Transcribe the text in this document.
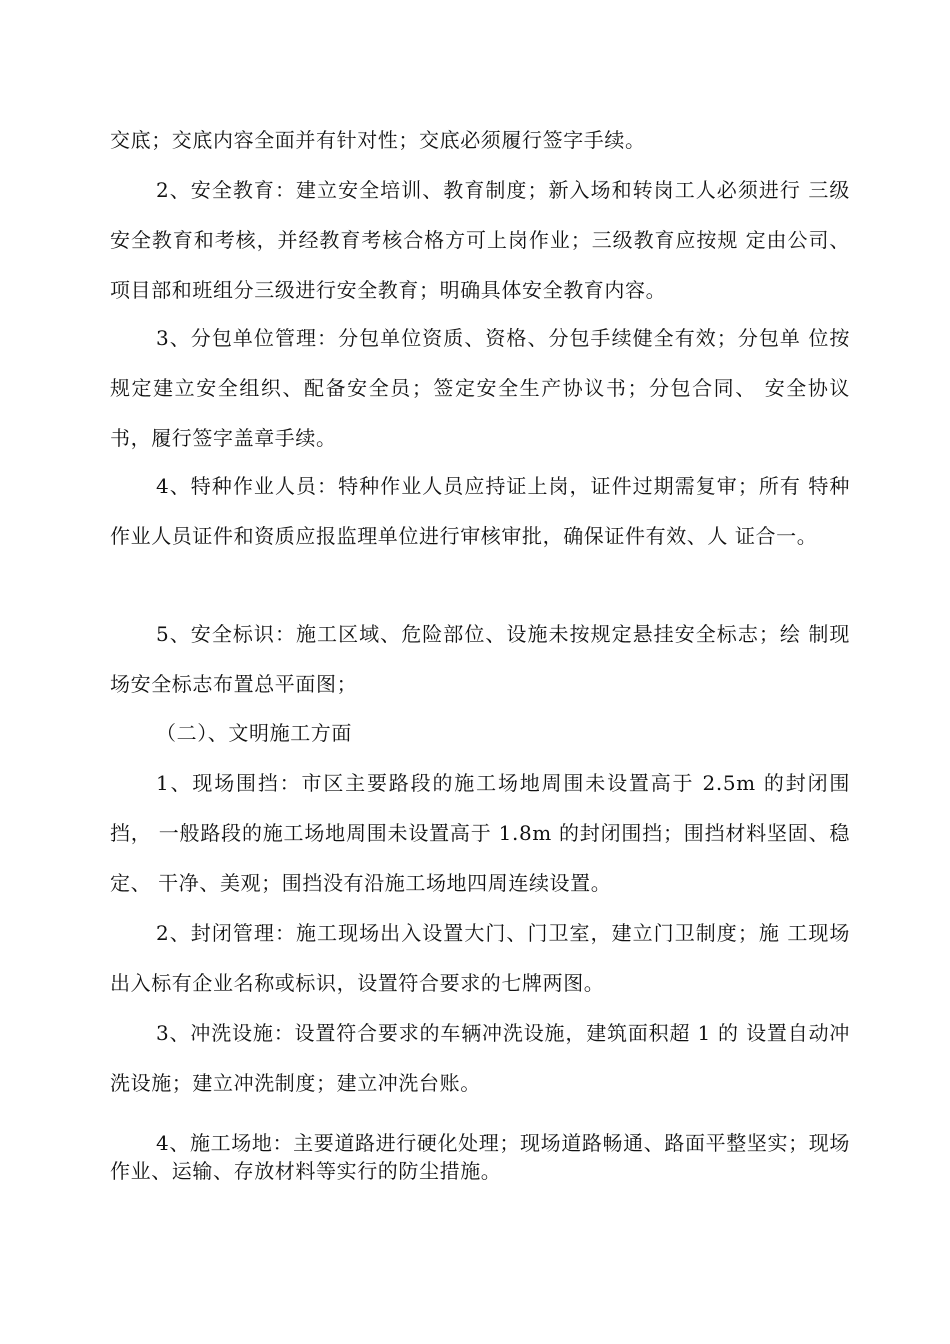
交底；交底内容全面并有针对性；交底必须履行签字手续。

2、安全教育：建立安全培训、教育制度；新入场和转岗工人必须进行 三级安全教育和考核，并经教育考核合格方可上岗作业；三级教育应按规 定由公司、项目部和班组分三级进行安全教育；明确具体安全教育内容。

3、分包单位管理：分包单位资质、资格、分包手续健全有效；分包单 位按规定建立安全组织、配备安全员；签定安全生产协议书；分包合同、 安全协议书，履行签字盖章手续。

4、特种作业人员：特种作业人员应持证上岗，证件过期需复审；所有 特种作业人员证件和资质应报监理单位进行审核审批，确保证件有效、人 证合一。

5、安全标识：施工区域、危险部位、设施未按规定悬挂安全标志；绘 制现场安全标志布置总平面图；

（二）、文明施工方面

1、现场围挡：市区主要路段的施工场地周围未设置高于 2.5m 的封闭围挡， 一般路段的施工场地周围未设置高于 1.8m 的封闭围挡；围挡材料坚固、稳定、 干净、美观；围挡没有沿施工场地四周连续设置。

2、封闭管理：施工现场出入设置大门、门卫室，建立门卫制度；施 工现场出入标有企业名称或标识，设置符合要求的七牌两图。

3、冲洗设施：设置符合要求的车辆冲洗设施，建筑面积超 1 的 设置自动冲洗设施；建立冲洗制度；建立冲洗台账。

4、施工场地：主要道路进行硬化处理；现场道路畅通、路面平整坚实；现场作业、运输、存放材料等实行的防尘措施。
